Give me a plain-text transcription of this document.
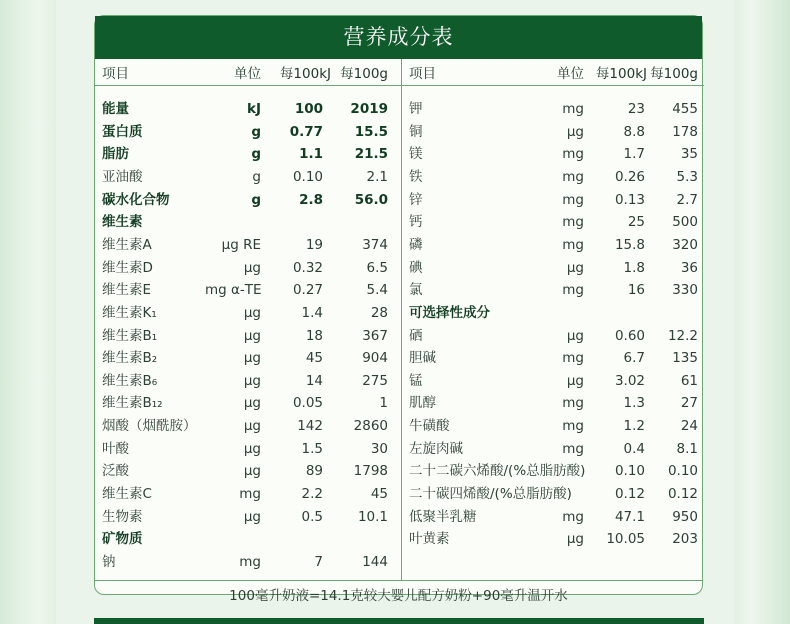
营养成分表
项目	单位	每100kJ 每100g
能量	kJ	100	2019
蛋白质	g	0.77	15.5
脂肪	g	1.1	21.5
亚油酸	g	0.10	2.1
碳水化合物	g	2.8	56.0
维生素
维生素A	μg RE	19	374
维生素D	μg	0.32	6.5
维生素E	mg α-TE	0.27	5.4
维生素K₁	μg	1.4	28
维生素B₁	μg	18	367
维生素B₂	μg	45	904
维生素B₆	μg	14	275
维生素B₁₂	μg	0.05	1
烟酸（烟酰胺）	μg	142	2860
叶酸	μg	1.5	30
泛酸	μg	89	1798
维生素C	mg	2.2	45
生物素	μg	0.5	10.1
矿物质
钠	mg	7	144
项目	单位 每100kJ 每100g
钾	mg	23	455
铜	μg	8.8	178
镁	mg	1.7	35
铁	mg	0.26	5.3
锌	mg	0.13	2.7
钙	mg	25	500
磷	mg	15.8	320
碘	μg	1.8	36
氯	mg	16	330
可选择性成分
硒	μg	0.60	12.2
胆碱	mg	6.7	135
锰	μg	3.02	61
肌醇	mg	1.3	27
牛磺酸	mg	1.2	24
左旋肉碱	mg	0.4	8.1
二十二碳六烯酸/(%总脂肪酸)	0.10	0.10
二十碳四烯酸/(%总脂肪酸)	0.12	0.12
低聚半乳糖	mg	47.1	950
叶黄素	μg	10.05	203
100毫升奶液=14.1克较大婴儿配方奶粉+90毫升温开水
